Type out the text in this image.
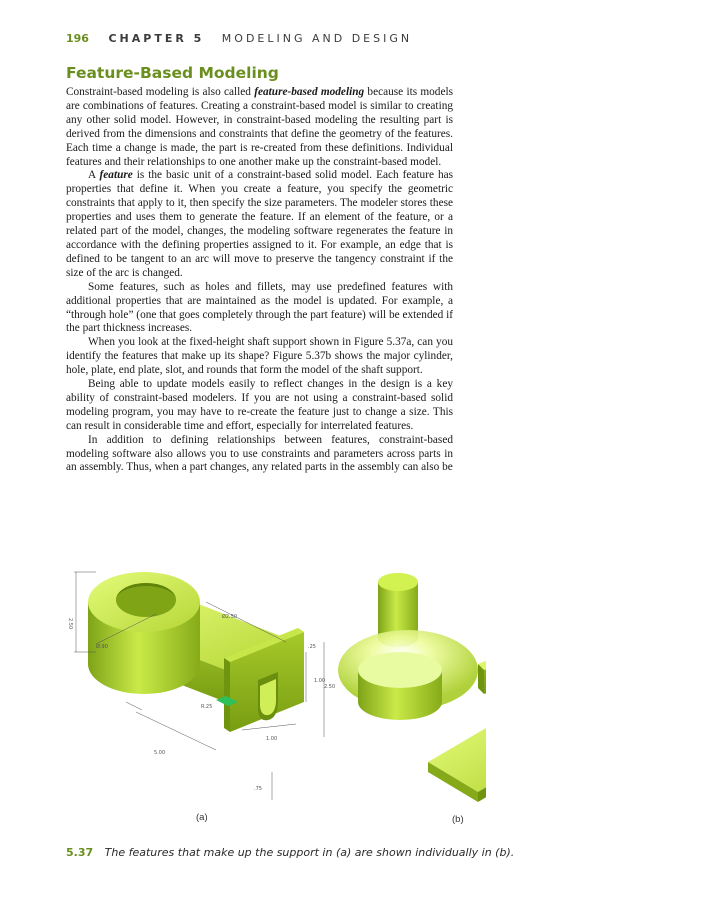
196 CHAPTER 5 MODELING AND DESIGN
Feature-Based Modeling

Constraint-based modeling is also called feature-based modeling because its models are combinations of features. Creating a constraint-based model is similar to creating any other solid model. However, in constraint-based modeling the resulting part is derived from the dimensions and constraints that define the geometry of the features. Each time a change is made, the part is re-created from these definitions. Individual features and their relationships to one another make up the constraint-based model.

A feature is the basic unit of a constraint-based solid model. Each feature has properties that define it. When you create a feature, you specify the geometric constraints that apply to it, then specify the size parameters. The modeler stores these properties and uses them to generate the feature. If an element of the feature, or a related part of the model, changes, the modeling software regenerates the feature in accordance with the defining properties assigned to it. For example, an edge that is defined to be tangent to an arc will move to preserve the tangency constraint if the size of the arc is changed.

Some features, such as holes and fillets, may use predefined features with additional properties that are maintained as the model is updated. For example, a “through hole” (one that goes completely through the part feature) will be extended if the part thickness increases.

When you look at the fixed-height shaft support shown in Figure 5.37a, can you identify the features that make up its shape? Figure 5.37b shows the major cylinder, hole, plate, end plate, slot, and rounds that form the model of the shaft support.

Being able to update models easily to reflect changes in the design is a key ability of constraint-based modelers. If you are not using a constraint-based solid modeling program, you may have to re-create the feature just to change a size. This can result in considerable time and effort, especially for interrelated features.

In addition to defining relationships between features, constraint-based modeling software also allows you to use constraints and parameters across parts in an assembly. Thus, when a part changes, any related parts in the assembly can also be

2.50
Ø.90
Ø2.50
.25
1.00
2.50
R.25
1.00
5.00
.75
(a)	(b)
5.37 The features that make up the support in (a) are shown individually in (b).
